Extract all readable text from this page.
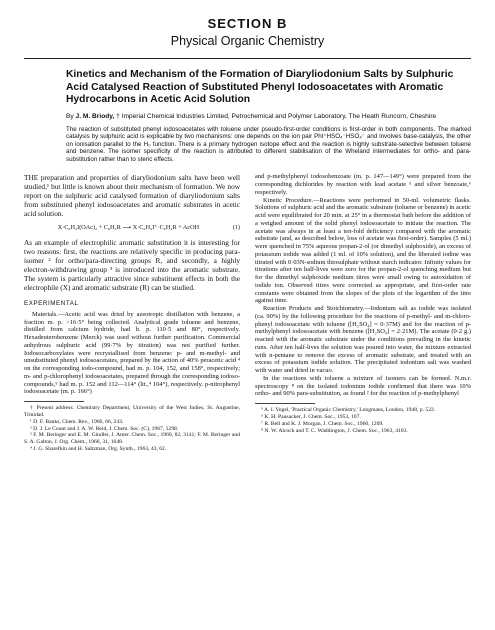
SECTION B
Physical Organic Chemistry
Kinetics and Mechanism of the Formation of Diaryliodonium Salts by Sulphuric Acid Catalysed Reaction of Substituted Phenyl Iodosoacetates with Aromatic Hydrocarbons in Acetic Acid Solution
By J. M. Briody, † Imperial Chemical Industries Limited, Petrochemical and Polymer Laboratory, The Heath Runcorn, Cheshire
The reaction of substituted phenyl iodosoacetates with toluene under pseudo-first-order conditions is first-order in both components. The marked catalysis by sulphuric acid is explicable by two mechanisms: one depends on the ion pair PhI⁺HSO₄⁻HSO₄⁻ and involves base-catalysis, the other on ionisation parallel to the H₀ function. There is a primary hydrogen isotope effect and the reaction is highly substrate-selective between toluene and benzene. The isomer specificity of the reaction is attributed to different stabilisation of the Wheland intermediates for ortho- and para-substitution rather than to steric effects.

THE preparation and properties of diaryliodonium salts have been well studied,¹ but little is known about their mechanism of formation. We now report on the sulphuric acid catalysed formation of diaryliodonium salts from substituted phenyl iodosoacetates and aromatic substrates in acetic acid solution.

X·C₆H₄I(OAc)₂ + C₆H₅R ⟶ X·C₆H₄I⁺·C₆H₄R + AcOH	(1)

As an example of electrophilic aromatic substitution it is interesting for two reasons: first, the reactions are relatively specific in producing para-isomer ² for ortho/para-directing groups R, and secondly, a highly electron-withdrawing group ³ is introduced into the aromatic substrate. The system is particularly attractive since substituent effects in both the electrophile (X) and aromatic substrate (R) can be studied.

EXPERIMENTAL

Materials.—Acetic acid was dried by azeotropic distillation with benzene, a fraction m. p. >16·5° being collected. Analytical grade toluene and benzene, distilled from calcium hydride, had b. p. 110·5 and 80°, respectively. Hexadeuterobenzene (Merck) was used without further purification. Commercial anhydrous sulphuric acid (99·7% by titration) was not purified further. Iodosocarboxylates were recrystallised from benzene: p- and m-methyl- and unsubstituted phenyl iodosoacetates, prepared by the action of 40% peracetic acid ⁴ on the corresponding iodo-compound, had m. p. 104, 152, and 158°, respectively; m- and p-chlorophenyl iodosoacetates, prepared through the corresponding iodoso-compounds,⁵ had m. p. 152 and 112—114° (lit.,⁴ 104°), respectively. p-nitrophenyl iodosoacetate (m. p. 166°)

† Present address: Chemistry Department, University of the West Indies, St. Augustine, Trinidad.

¹ D. F. Banks, Chem. Rev., 1966, 66, 243.

² D. J. Le Count and J. A. W. Reid, J. Chem. Soc. (C), 1967, 1298.

³ F. M. Beringer and E. M. Gindler, J. Amer. Chem. Soc., 1960, 82, 3141; F. M. Beringer and S. A. Galton, J. Org. Chem., 1966, 31, 1648.

⁴ J. G. Sharefkin and H. Saltzman, Org. Synth., 1963, 43, 62.

and p-methylphenyl iodosobenzoate (m. p. 147—149°) were prepared from the corresponding dichlorides by reaction with lead acetate ⁵ and silver benzoate,⁶ respectively.

Kinetic Procedure.—Reactions were performed in 50-ml. volumetric flasks. Solutions of sulphuric acid and the aromatic substrate (toluene or benzene) in acetic acid were equilibrated for 20 min. at 25° in a thermostat bath before the addition of a weighed amount of the solid phenyl iodosoacetate to initiate the reaction. The acetate was always in at least a ten-fold deficiency compared with the aromatic substrate (and, as described below, loss of acetate was first-order). Samples (5 ml.) were quenched in 75% aqueous propan-2-ol (or dimethyl sulphoxide), an excess of potassium iodide was added (1 ml. of 10% solution), and the liberated iodine was titrated with 0·03N-sodium thiosulphate without starch indicator. Infinity values for titrations after ten half-lives were zero for the propan-2-ol quenching medium but for the dimethyl sulphoxide medium titres were small owing to autoxidation of iodide ion. Observed titres were corrected as appropriate, and first-order rate constants were obtained from the slopes of the plots of the logarithm of the titre against time.

Reaction Products and Stoichiometry.—Iodonium salt as iodide was isolated (ca. 90%) by the following procedure for the reactions of p-methyl- and m-chloro-phenyl iodosoacetate with toluene ([H₂SO₄] = 0·37M) and for the reaction of p-methylphenyl iodosoacetate with benzene ([H₂SO₄] = 2·21M). The acetate (0·2 g.) reacted with the aromatic substrate under the conditions prevailing in the kinetic runs. After ten half-lives the solution was poured into water, the mixture extracted with n-pentane to remove the excess of aromatic substrate, and treated with an excess of potassium iodide solution. The precipitated iodonium salt was washed with water and dried in vacuo.

In the reactions with toluene a mixture of isomers can be formed. N.m.r. spectroscopy ⁸ on the isolated iodonium iodide confirmed that there was 10% ortho- and 90% para-substitution, as found ² for the reaction of p-methylphenyl

⁵ A. I. Vogel, 'Practical Organic Chemistry,' Longmans, London, 1948, p. 522.

⁶ K. H. Pausacker, J. Chem. Soc., 1953, 107.

⁷ R. Bell and K. J. Morgan, J. Chem. Soc., 1960, 1209.

⁸ N. W. Alcock and T. C. Waddington, J. Chem. Soc., 1963, 4103.
